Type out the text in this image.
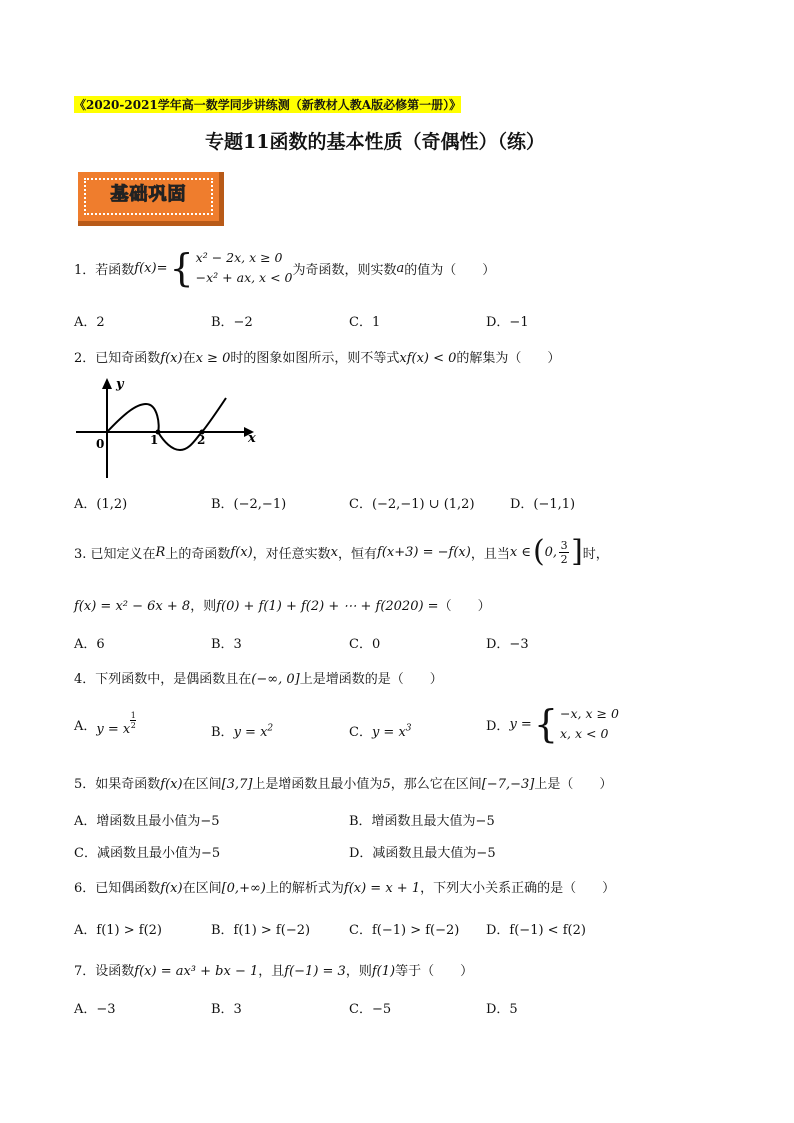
《2020-2021学年高一数学同步讲练测（新教材人教A版必修第一册）》
专题11函数的基本性质（奇偶性）（练）
基础巩固
1．若函数 f(x)= { x² − 2x, x ≥ 0
−x² + ax, x < 0 为奇函数，则实数 a 的值为（　　）
A．2	B．−2	C．1	D．−1
2．已知奇函数f(x)在x ≥ 0时的图象如图所示，则不等式xf(x) < 0的解集为（　　）
y
x
0	1	2
A．(1,2)	B．(−2,−1)	C．(−2,−1) ∪ (1,2)	D．(−1,1)
3. 已知定义在 R 上的奇函数 f(x) ，对任意实数 x ，恒有 f(x+3) = −f(x) ，且当 x ∈ ( 0, 3
2 ] 时，
f(x) = x² − 6x + 8，则f(0) + f(1) + f(2) + ⋯ + f(2020) =（　　）
A．6	B．3	C．0	D．−3
4．下列函数中，是偶函数且在(−∞, 0]上是增函数的是（　　）
A． y = x
1
2	B．$y = x^2$	C．$y = x^3$	D． y = { −x, x ≥ 0
x, x < 0
5．如果奇函数f(x)在区间[3,7]上是增函数且最小值为5，那么它在区间[−7,−3]上是（　　）
A．增函数且最小值为−5	B．增函数且最大值为−5
C．减函数且最小值为−5	D．减函数且最大值为−5
6．已知偶函数f(x)在区间[0,+∞)上的解析式为f(x) = x + 1，下列大小关系正确的是（　　）
A．f(1) > f(2)	B．f(1) > f(−2)	C．f(−1) > f(−2) D．f(−1) < f(2)
7．设函数f(x) = ax³ + bx − 1，且f(−1) = 3，则f(1)等于（　　）
A．−3	B．3	C．−5	D．5
